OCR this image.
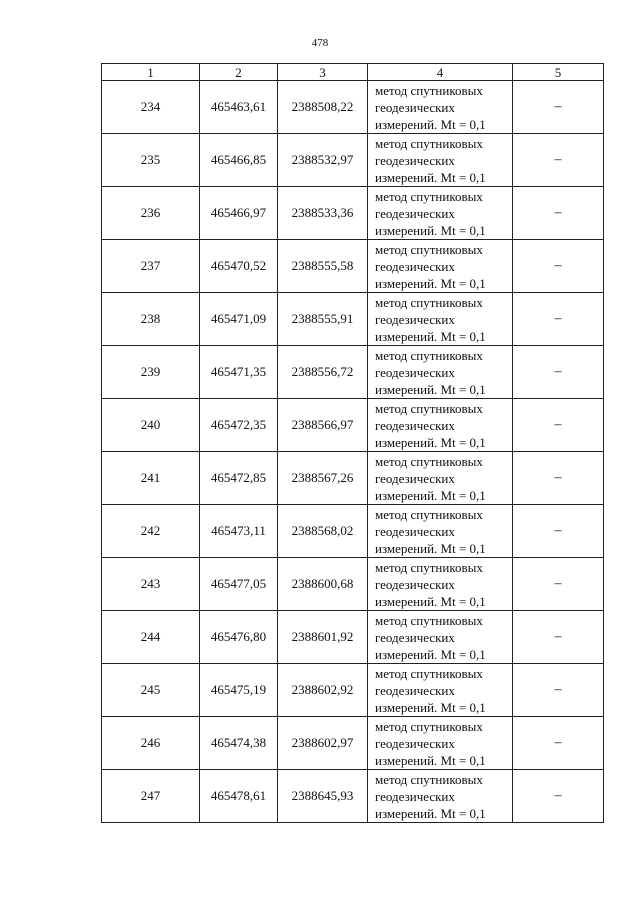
478
1	2	3	4	5
234	465463,61	2388508,22	метод спутниковых
геодезических
измерений. Mt = 0,1	–
235	465466,85	2388532,97	метод спутниковых
геодезических
измерений. Mt = 0,1	–
236	465466,97	2388533,36	метод спутниковых
геодезических
измерений. Mt = 0,1	–
237	465470,52	2388555,58	метод спутниковых
геодезических
измерений. Mt = 0,1	–
238	465471,09	2388555,91	метод спутниковых
геодезических
измерений. Mt = 0,1	–
239	465471,35	2388556,72	метод спутниковых
геодезических
измерений. Mt = 0,1	–
240	465472,35	2388566,97	метод спутниковых
геодезических
измерений. Mt = 0,1	–
241	465472,85	2388567,26	метод спутниковых
геодезических
измерений. Mt = 0,1	–
242	465473,11	2388568,02	метод спутниковых
геодезических
измерений. Mt = 0,1	–
243	465477,05	2388600,68	метод спутниковых
геодезических
измерений. Mt = 0,1	–
244	465476,80	2388601,92	метод спутниковых
геодезических
измерений. Mt = 0,1	–
245	465475,19	2388602,92	метод спутниковых
геодезических
измерений. Mt = 0,1	–
246	465474,38	2388602,97	метод спутниковых
геодезических
измерений. Mt = 0,1	–
247	465478,61	2388645,93	метод спутниковых
геодезических
измерений. Mt = 0,1	–
